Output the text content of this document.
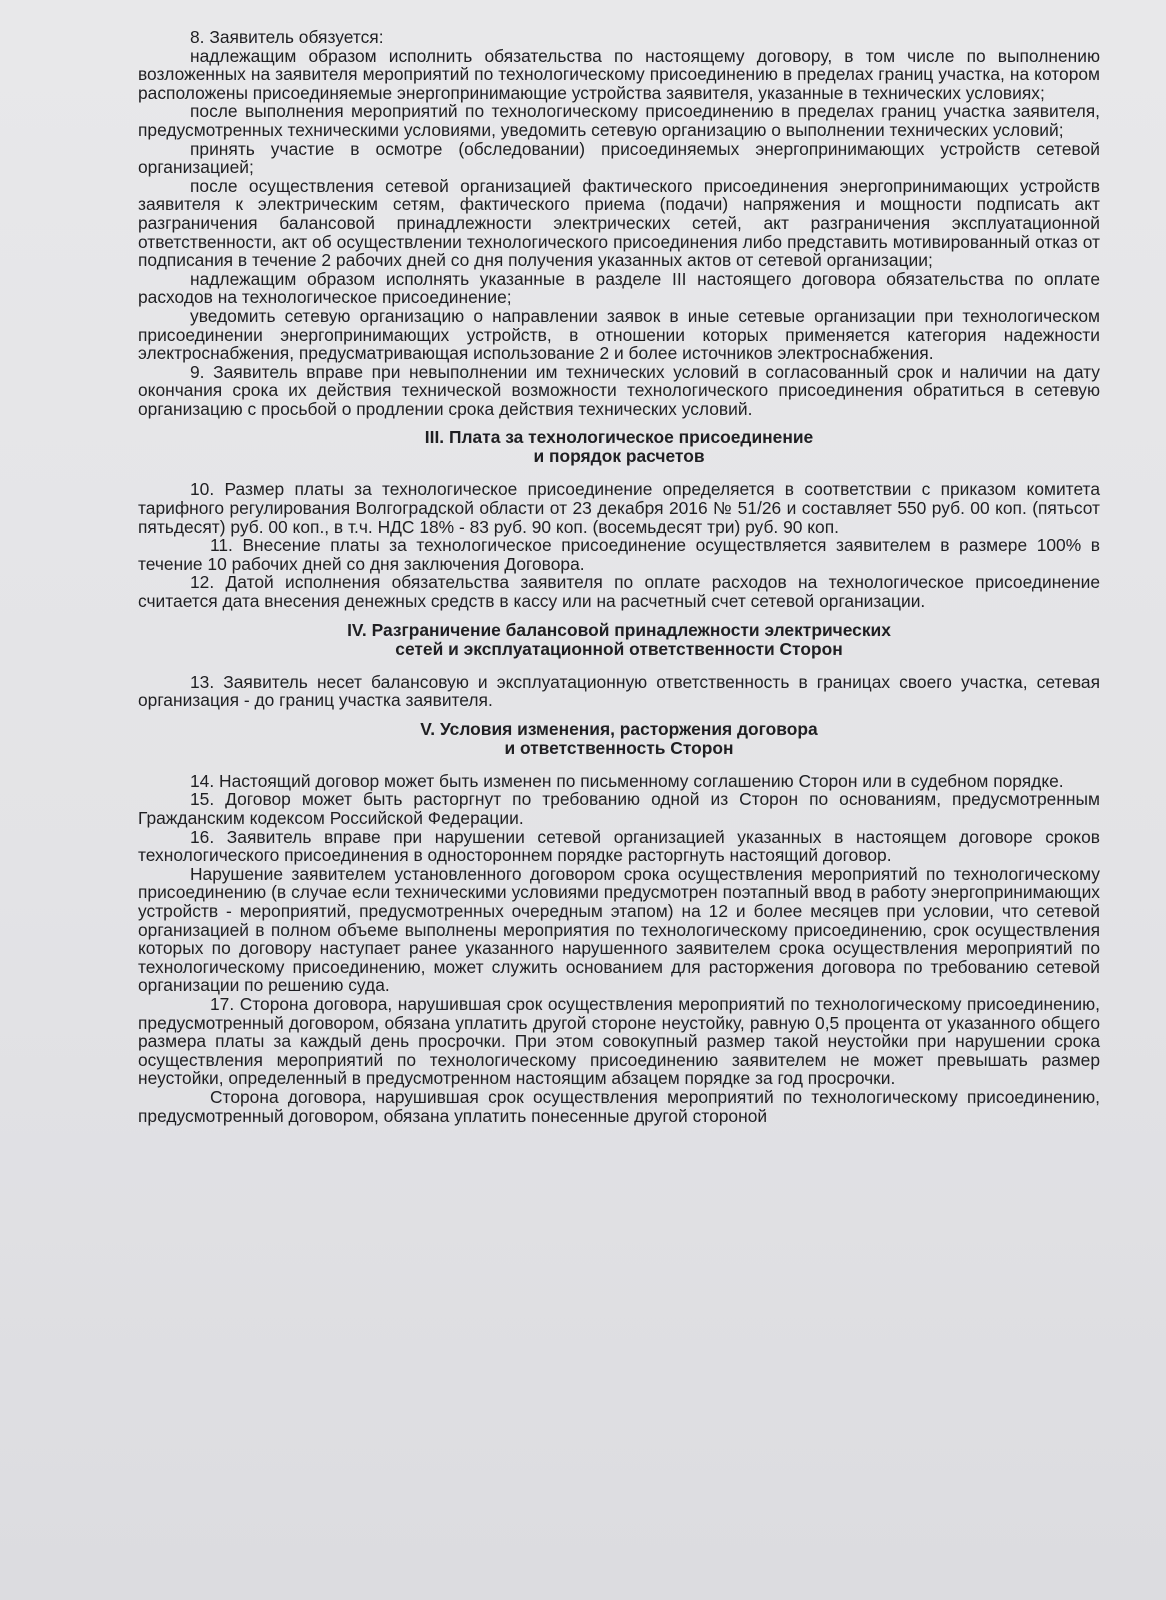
8. Заявитель обязуется:

надлежащим образом исполнить обязательства по настоящему договору, в том числе по выполнению возложенных на заявителя мероприятий по технологическому присоединению в пределах границ участка, на котором расположены присоединяемые энергопринимающие устройства заявителя, указанные в технических условиях;

после выполнения мероприятий по технологическому присоединению в пределах границ участка заявителя, предусмотренных техническими условиями, уведомить сетевую организацию о выполнении технических условий;

принять участие в осмотре (обследовании) присоединяемых энергопринимающих устройств сетевой организацией;

после осуществления сетевой организацией фактического присоединения энергопринимающих устройств заявителя к электрическим сетям, фактического приема (подачи) напряжения и мощности подписать акт разграничения балансовой принадлежности электрических сетей, акт разграничения эксплуатационной ответственности, акт об осуществлении технологического присоединения либо представить мотивированный отказ от подписания в течение 2 рабочих дней со дня получения указанных актов от сетевой организации;

надлежащим образом исполнять указанные в разделе III настоящего договора обязательства по оплате расходов на технологическое присоединение;

уведомить сетевую организацию о направлении заявок в иные сетевые организации при технологическом присоединении энергопринимающих устройств, в отношении которых применяется категория надежности электроснабжения, предусматривающая использование 2 и более источников электроснабжения.

9. Заявитель вправе при невыполнении им технических условий в согласованный срок и наличии на дату окончания срока их действия технической возможности технологического присоединения обратиться в сетевую организацию с просьбой о продлении срока действия технических условий.

III. Плата за технологическое присоединение
и порядок расчетов

10. Размер платы за технологическое присоединение определяется в соответствии с приказом комитета тарифного регулирования Волгоградской области от 23 декабря 2016 № 51/26 и составляет 550 руб. 00 коп. (пятьсот пятьдесят) руб. 00 коп., в т.ч. НДС 18% - 83 руб. 90 коп. (восемьдесят три) руб. 90 коп.

11. Внесение платы за технологическое присоединение осуществляется заявителем в размере 100% в течение 10 рабочих дней со дня заключения Договора.

12. Датой исполнения обязательства заявителя по оплате расходов на технологическое присоединение считается дата внесения денежных средств в кассу или на расчетный счет сетевой организации.

IV. Разграничение балансовой принадлежности электрических
сетей и эксплуатационной ответственности Сторон

13. Заявитель несет балансовую и эксплуатационную ответственность в границах своего участка, сетевая организация - до границ участка заявителя.

V. Условия изменения, расторжения договора
и ответственность Сторон

14. Настоящий договор может быть изменен по письменному соглашению Сторон или в судебном порядке.

15. Договор может быть расторгнут по требованию одной из Сторон по основаниям, предусмотренным Гражданским кодексом Российской Федерации.

16. Заявитель вправе при нарушении сетевой организацией указанных в настоящем договоре сроков технологического присоединения в одностороннем порядке расторгнуть настоящий договор.

Нарушение заявителем установленного договором срока осуществления мероприятий по технологическому присоединению (в случае если техническими условиями предусмотрен поэтапный ввод в работу энергопринимающих устройств - мероприятий, предусмотренных очередным этапом) на 12 и более месяцев при условии, что сетевой организацией в полном объеме выполнены мероприятия по технологическому присоединению, срок осуществления которых по договору наступает ранее указанного нарушенного заявителем срока осуществления мероприятий по технологическому присоединению, может служить основанием для расторжения договора по требованию сетевой организации по решению суда.

17. Сторона договора, нарушившая срок осуществления мероприятий по технологическому присоединению, предусмотренный договором, обязана уплатить другой стороне неустойку, равную 0,5 процента от указанного общего размера платы за каждый день просрочки. При этом совокупный размер такой неустойки при нарушении срока осуществления мероприятий по технологическому присоединению заявителем не может превышать размер неустойки, определенный в предусмотренном настоящим абзацем порядке за год просрочки.

Сторона договора, нарушившая срок осуществления мероприятий по технологическому присоединению, предусмотренный договором, обязана уплатить понесенные другой стороной
